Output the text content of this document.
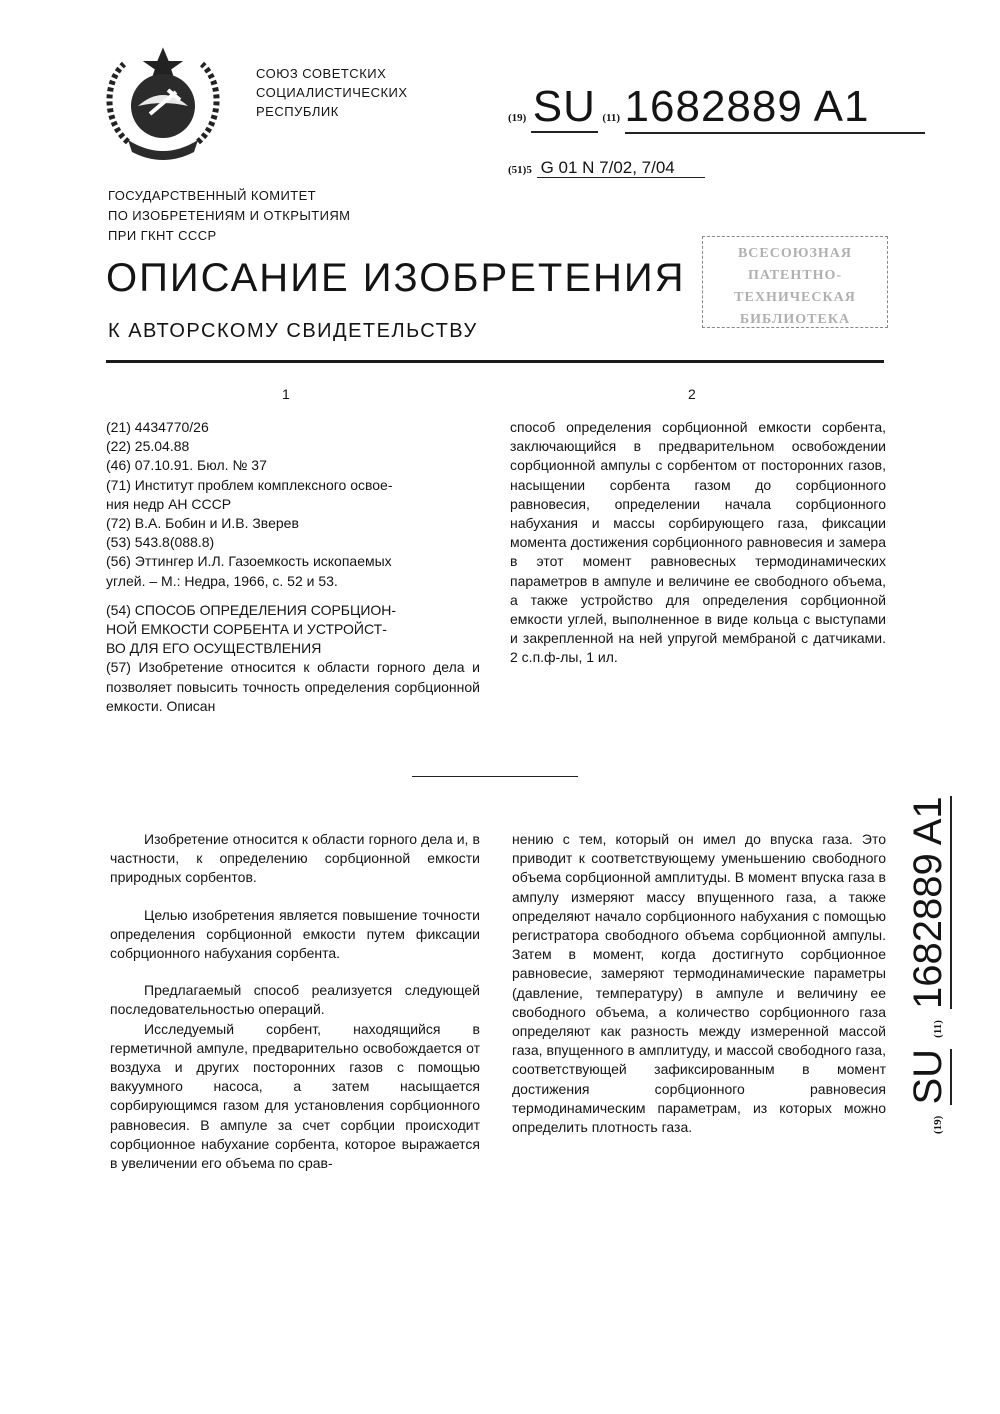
СОЮЗ СОВЕТСКИХ
СОЦИАЛИСТИЧЕСКИХ
РЕСПУБЛИК	(19) SU (11) 1682889 A1
(51)5 G 01 N 7/02, 7/04
ГОСУДАРСТВЕННЫЙ КОМИТЕТ
ПО ИЗОБРЕТЕНИЯМ И ОТКРЫТИЯМ
ПРИ ГКНТ СССР
ВСЕСОЮЗНАЯ
ПАТЕНТНО-ТЕХНИЧЕСКАЯ
БИБЛИОТЕКА
ОПИСАНИЕ ИЗОБРЕТЕНИЯ
К АВТОРСКОМУ СВИДЕТЕЛЬСТВУ
1	2
(21) 4434770/26
(22) 25.04.88
(46) 07.10.91. Бюл. № 37
(71) Институт проблем комплексного освое-
ния недр АН СССР
(72) В.А. Бобин и И.В. Зверев
(53) 543.8(088.8)
(56) Эттингер И.Л. Газоемкость ископаемых
углей. – М.: Недра, 1966, с. 52 и 53.
(54) СПОСОБ ОПРЕДЕЛЕНИЯ СОРБЦИОН-
НОЙ ЕМКОСТИ СОРБЕНТА И УСТРОЙСТ-
ВО ДЛЯ ЕГО ОСУЩЕСТВЛЕНИЯ
(57) Изобретение относится к области горного дела и позволяет повысить точность определения сорбционной емкости. Описан
способ определения сорбционной емкости сорбента, заключающийся в предварительном освобождении сорбционной ампулы с сорбентом от посторонних газов, насыщении сорбента газом до сорбционного равновесия, определении начала сорбционного набухания и массы сорбирующего газа, фиксации момента достижения сорбционного равновесия и замера в этот момент равновесных термодинамических параметров в ампуле и величине ее свободного объема, а также устройство для определения сорбционной емкости углей, выполненное в виде кольца с выступами и закрепленной на ней упругой мембраной с датчиками. 2 с.п.ф-лы, 1 ил.

Изобретение относится к области горного дела и, в частности, к определению сорбционной емкости природных сорбентов.

Целью изобретения является повышение точности определения сорбционной емкости путем фиксации собрционного набухания сорбента.

Предлагаемый способ реализуется следующей последовательностью операций.

Исследуемый сорбент, находящийся в герметичной ампуле, предварительно освобождается от воздуха и других посторонних газов с помощью вакуумного насоса, а затем насыщается сорбирующимся газом для установления сорбционного равновесия. В ампуле за счет сорбции происходит сорбционное набухание сорбента, которое выражается в увеличении его объема по срав-

нению с тем, который он имел до впуска газа. Это приводит к соответствующему уменьшению свободного объема сорбционной амплитуды. В момент впуска газа в ампулу измеряют массу впущенного газа, а также определяют начало сорбционного набухания с помощью регистратора свободного объема сорбционной ампулы. Затем в момент, когда достигнуто сорбционное равновесие, замеряют термодинамические параметры (давление, температуру) в ампуле и величину ее свободного объема, а количество сорбционного газа определяют как разность между измеренной массой газа, впущенного в амплитуду, и массой свободного газа, соответствующей зафиксированным в момент достижения сорбционного равновесия термодинамическим параметрам, из которых можно определить плотность газа.	(19) SU (11) 1682889A1
